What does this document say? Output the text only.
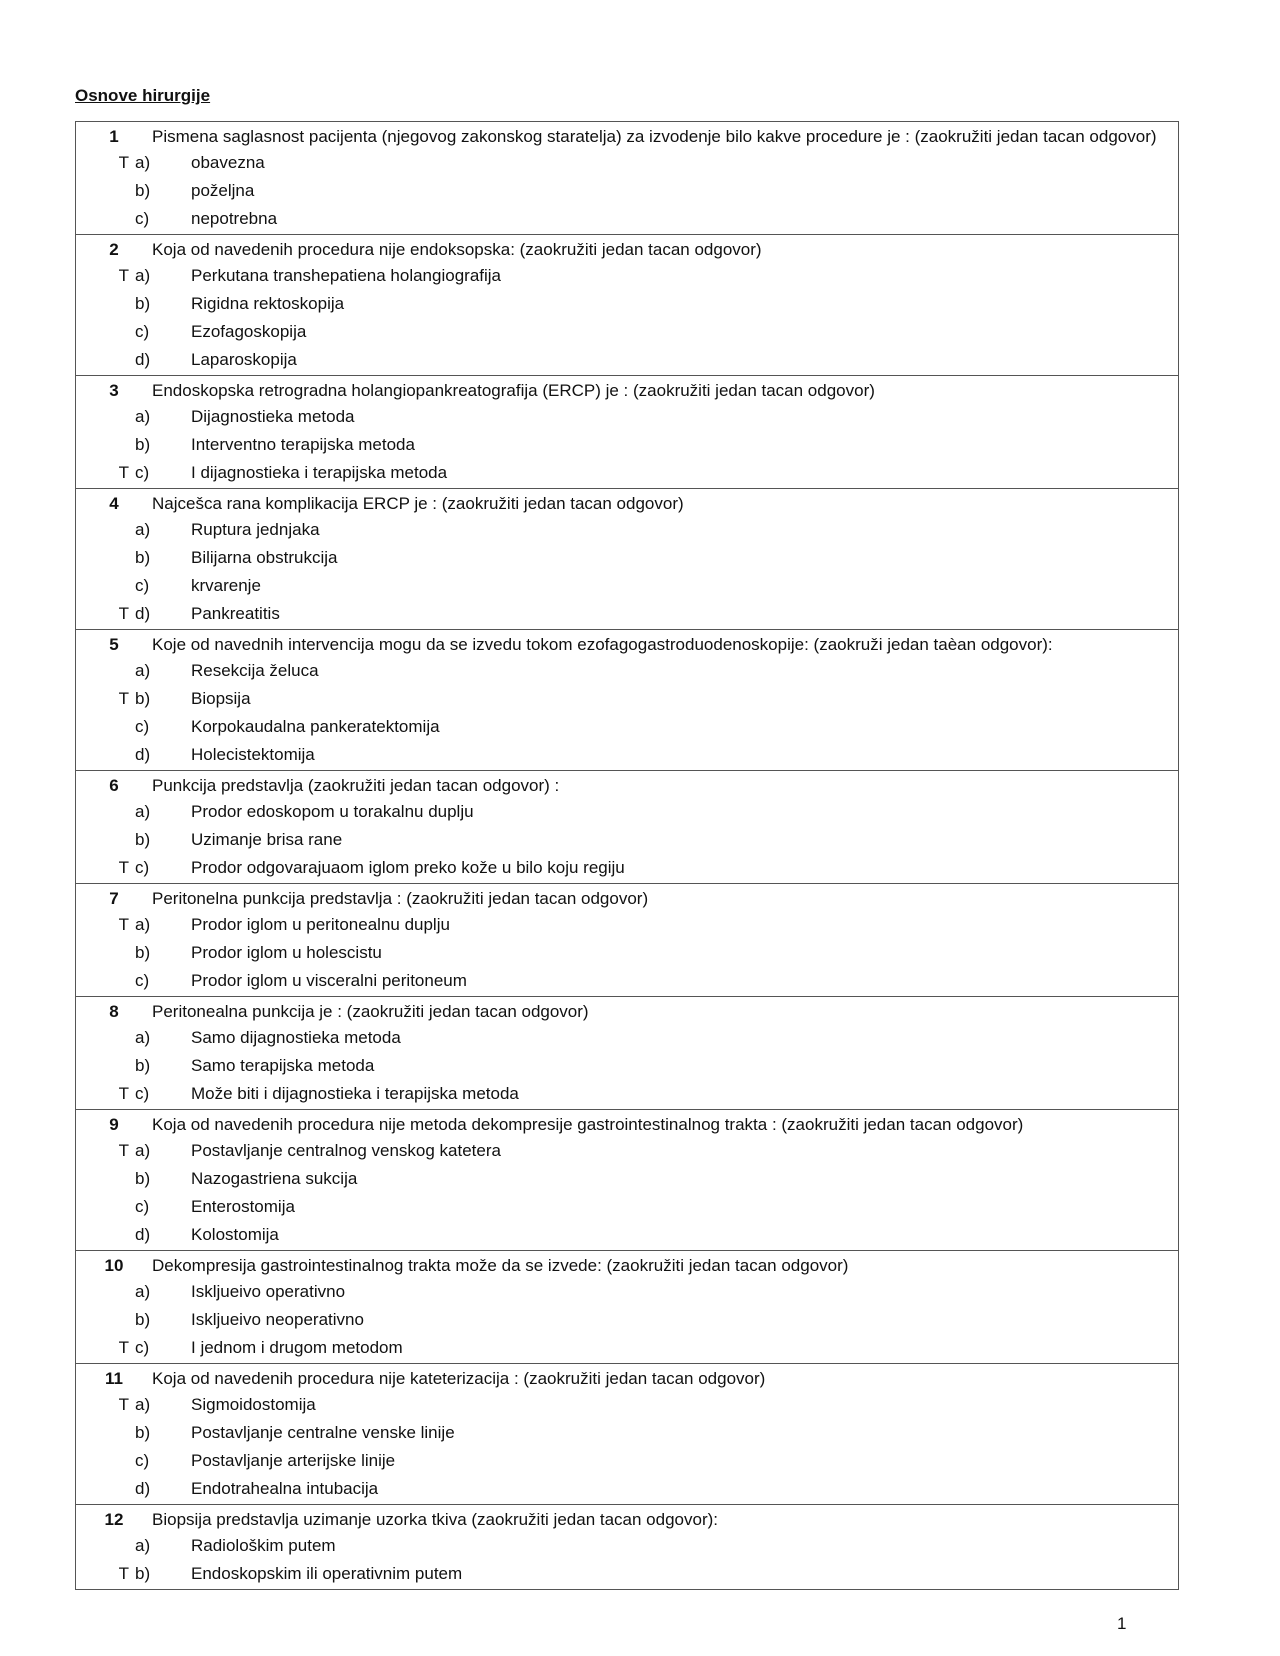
Osnove hirurgije
1	Pismena saglasnost pacijenta (njegovog zakonskog staratelja) za izvodenje bilo kakve procedure je : (zaokružiti jedan tacan odgovor)
T a)	obavezna
b)	poželjna
c)	nepotrebna
2	Koja od navedenih procedura nije endoksopska: (zaokružiti jedan tacan odgovor)
T a)	Perkutana transhepatiena holangiografija
b)	Rigidna rektoskopija
c)	Ezofagoskopija
d)	Laparoskopija
3	Endoskopska retrogradna holangiopankreatografija (ERCP) je : (zaokružiti jedan tacan odgovor)
a)	Dijagnostieka metoda
b)	Interventno terapijska metoda
T c)	I dijagnostieka i terapijska metoda
4	Najcešca rana komplikacija ERCP je : (zaokružiti jedan tacan odgovor)
a)	Ruptura jednjaka
b)	Bilijarna obstrukcija
c)	krvarenje
T d)	Pankreatitis
5	Koje od navednih intervencija mogu da se izvedu tokom ezofagogastroduodenoskopije: (zaokruži jedan taèan odgovor):
a)	Resekcija želuca
T b)	Biopsija
c)	Korpokaudalna pankeratektomija
d)	Holecistektomija
6	Punkcija predstavlja (zaokružiti jedan tacan odgovor) :
a)	Prodor edoskopom u torakalnu duplju
b)	Uzimanje brisa rane
T c)	Prodor odgovarajuaom iglom preko kože u bilo koju regiju
7	Peritonelna punkcija predstavlja : (zaokružiti jedan tacan odgovor)
T a)	Prodor iglom u peritonealnu duplju
b)	Prodor iglom u holescistu
c)	Prodor iglom u visceralni peritoneum
8	Peritonealna punkcija je : (zaokružiti jedan tacan odgovor)
a)	Samo dijagnostieka metoda
b)	Samo terapijska metoda
T c)	Može biti i dijagnostieka i terapijska metoda
9	Koja od navedenih procedura nije metoda dekompresije gastrointestinalnog trakta : (zaokružiti jedan tacan odgovor)
T a)	Postavljanje centralnog venskog katetera
b)	Nazogastriena sukcija
c)	Enterostomija
d)	Kolostomija
10	Dekompresija gastrointestinalnog trakta može da se izvede: (zaokružiti jedan tacan odgovor)
a)	Iskljueivo operativno
b)	Iskljueivo neoperativno
T c)	I jednom i drugom metodom
11	Koja od navedenih procedura nije kateterizacija : (zaokružiti jedan tacan odgovor)
T a)	Sigmoidostomija
b)	Postavljanje centralne venske linije
c)	Postavljanje arterijske linije
d)	Endotrahealna intubacija
12	Biopsija predstavlja uzimanje uzorka tkiva (zaokružiti jedan tacan odgovor):
a)	Radiološkim putem
T b)	Endoskopskim ili operativnim putem
1
